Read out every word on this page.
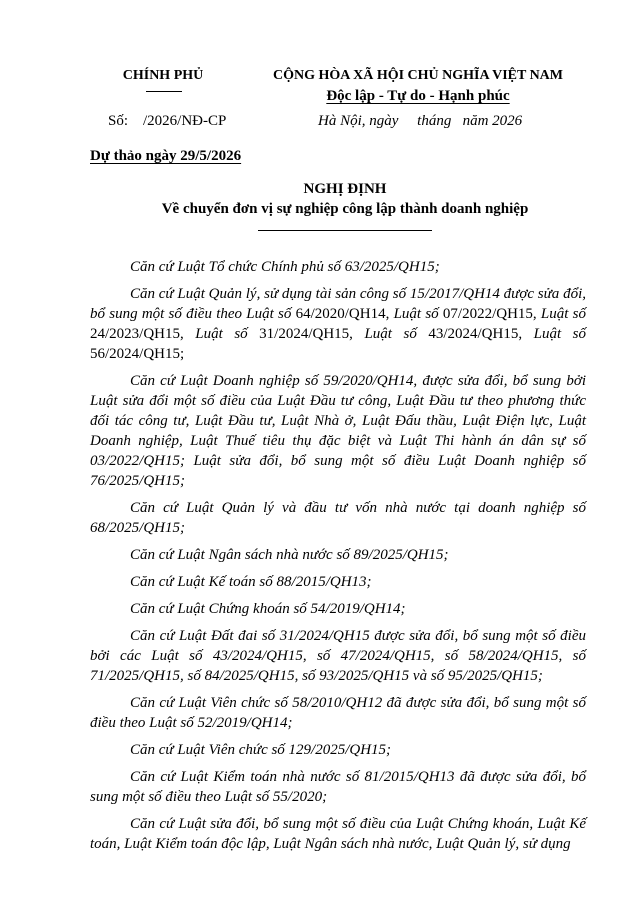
CHÍNH PHỦ
Số:    /2026/NĐ-CP
CỘNG HÒA XÃ HỘI CHỦ NGHĨA VIỆT NAM
Độc lập - Tự do - Hạnh phúc
Hà Nội, ngày     tháng   năm 2026
Dự thảo ngày 29/5/2026
NGHỊ ĐỊNH
Về chuyển đơn vị sự nghiệp công lập thành doanh nghiệp

Căn cứ Luật Tổ chức Chính phủ số 63/2025/QH15;

Căn cứ Luật Quản lý, sử dụng tài sản công số 15/2017/QH14 được sửa đổi, bổ sung một số điều theo Luật số 64/2020/QH14, Luật số 07/2022/QH15, Luật số 24/2023/QH15, Luật số 31/2024/QH15, Luật số 43/2024/QH15, Luật số 56/2024/QH15;

Căn cứ Luật Doanh nghiệp số 59/2020/QH14, được sửa đổi, bổ sung bởi Luật sửa đổi một số điều của Luật Đầu tư công, Luật Đầu tư theo phương thức đối tác công tư, Luật Đầu tư, Luật Nhà ở, Luật Đấu thầu, Luật Điện lực, Luật Doanh nghiệp, Luật Thuế tiêu thụ đặc biệt và Luật Thi hành án dân sự số 03/2022/QH15; Luật sửa đổi, bổ sung một số điều Luật Doanh nghiệp số 76/2025/QH15;

Căn cứ Luật Quản lý và đầu tư vốn nhà nước tại doanh nghiệp số 68/2025/QH15;

Căn cứ Luật Ngân sách nhà nước số 89/2025/QH15;

Căn cứ Luật Kế toán số 88/2015/QH13;

Căn cứ Luật Chứng khoán số 54/2019/QH14;

Căn cứ Luật Đất đai số 31/2024/QH15 được sửa đổi, bổ sung một số điều bởi các Luật số 43/2024/QH15, số 47/2024/QH15, số 58/2024/QH15, số 71/2025/QH15, số 84/2025/QH15, số 93/2025/QH15 và số 95/2025/QH15;

Căn cứ Luật Viên chức số 58/2010/QH12 đã được sửa đổi, bổ sung một số điều theo Luật số 52/2019/QH14;

Căn cứ Luật Viên chức số 129/2025/QH15;

Căn cứ Luật Kiểm toán nhà nước số 81/2015/QH13 đã được sửa đổi, bổ sung một số điều theo Luật số 55/2020;

Căn cứ Luật sửa đổi, bổ sung một số điều của Luật Chứng khoán, Luật Kế toán, Luật Kiểm toán độc lập, Luật Ngân sách nhà nước, Luật Quản lý, sử dụng
